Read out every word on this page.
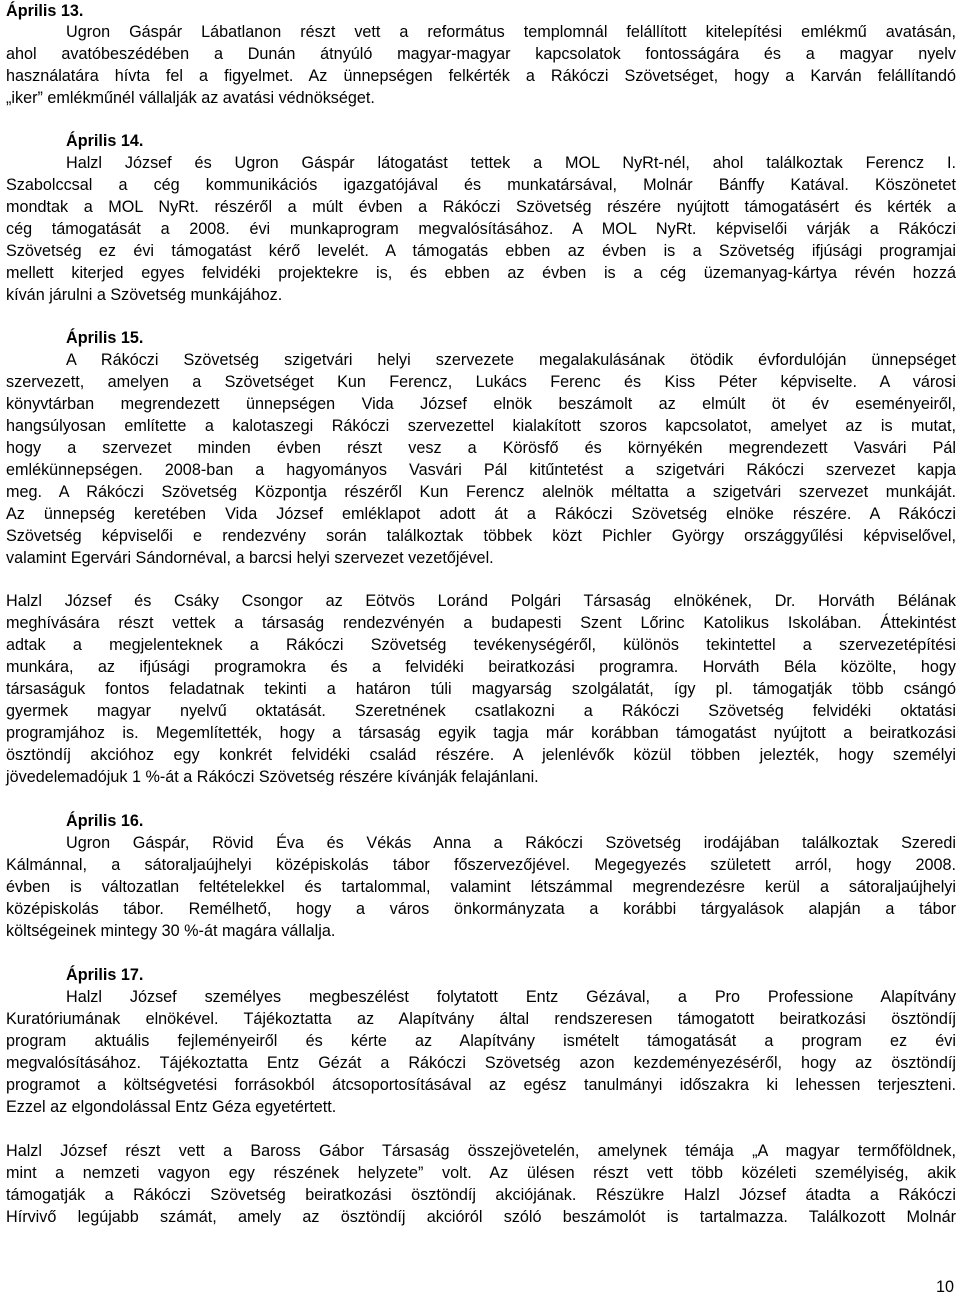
Április 13.
Ugron Gáspár Lábatlanon részt vett a református templomnál felállított kitelepítési emlékmű avatásán,
ahol avatóbeszédében a Dunán átnyúló magyar-magyar kapcsolatok fontosságára és a magyar nyelv
használatára hívta fel a figyelmet. Az ünnepségen felkérték a Rákóczi Szövetséget, hogy a Karván felállítandó
„iker” emlékműnél vállalják az avatási védnökséget.
Április 14.
Halzl József és Ugron Gáspár látogatást tettek a MOL NyRt-nél, ahol találkoztak Ferencz I.
Szabolccsal a cég kommunikációs igazgatójával és munkatársával, Molnár Bánffy Katával. Köszönetet
mondtak a MOL NyRt. részéről a múlt évben a Rákóczi Szövetség részére nyújtott támogatásért és kérték a
cég támogatását a 2008. évi munkaprogram megvalósításához. A MOL NyRt. képviselői várják a Rákóczi
Szövetség ez évi támogatást kérő levelét. A támogatás ebben az évben is a Szövetség ifjúsági programjai
mellett kiterjed egyes felvidéki projektekre is, és ebben az évben is a cég üzemanyag-kártya révén hozzá
kíván járulni a Szövetség munkájához.
Április 15.
A Rákóczi Szövetség szigetvári helyi szervezete megalakulásának ötödik évfordulóján ünnepséget
szervezett, amelyen a Szövetséget Kun Ferencz, Lukács Ferenc és Kiss Péter képviselte. A városi
könyvtárban megrendezett ünnepségen Vida József elnök beszámolt az elmúlt öt év eseményeiről,
hangsúlyosan említette a kalotaszegi Rákóczi szervezettel kialakított szoros kapcsolatot, amelyet az is mutat,
hogy a szervezet minden évben részt vesz a Körösfő és környékén megrendezett Vasvári Pál
emlékünnepségen. 2008-ban a hagyományos Vasvári Pál kitűntetést a szigetvári Rákóczi szervezet kapja
meg. A Rákóczi Szövetség Központja részéről Kun Ferencz alelnök méltatta a szigetvári szervezet munkáját.
Az ünnepség keretében Vida József emléklapot adott át a Rákóczi Szövetség elnöke részére. A Rákóczi
Szövetség képviselői e rendezvény során találkoztak többek közt Pichler György országgyűlési képviselővel,
valamint Egervári Sándornéval, a barcsi helyi szervezet vezetőjével.
Halzl József és Csáky Csongor az Eötvös Loránd Polgári Társaság elnökének, Dr. Horváth Bélának
meghívására részt vettek a társaság rendezvényén a budapesti Szent Lőrinc Katolikus Iskolában. Áttekintést
adtak a megjelenteknek a Rákóczi Szövetség tevékenységéről, különös tekintettel a szervezetépítési
munkára, az ifjúsági programokra és a felvidéki beiratkozási programra. Horváth Béla közölte, hogy
társaságuk fontos feladatnak tekinti a határon túli magyarság szolgálatát, így pl. támogatják több csángó
gyermek magyar nyelvű oktatását. Szeretnének csatlakozni a Rákóczi Szövetség felvidéki oktatási
programjához is. Megemlítették, hogy a társaság egyik tagja már korábban támogatást nyújtott a beiratkozási
ösztöndíj akcióhoz egy konkrét felvidéki család részére. A jelenlévők közül többen jelezték, hogy személyi
jövedelemadójuk 1 %-át a Rákóczi Szövetség részére kívánják felajánlani.
Április 16.
Ugron Gáspár, Rövid Éva és Vékás Anna a Rákóczi Szövetség irodájában találkoztak Szeredi
Kálmánnal, a sátoraljaújhelyi középiskolás tábor főszervezőjével. Megegyezés született arról, hogy 2008.
évben is változatlan feltételekkel és tartalommal, valamint létszámmal megrendezésre kerül a sátoraljaújhelyi
középiskolás tábor. Remélhető, hogy a város önkormányzata a korábbi tárgyalások alapján a tábor
költségeinek mintegy 30 %-át magára vállalja.
Április 17.
Halzl József személyes megbeszélést folytatott Entz Gézával, a Pro Professione Alapítvány
Kuratóriumának elnökével. Tájékoztatta az Alapítvány által rendszeresen támogatott beiratkozási ösztöndíj
program aktuális fejleményeiről és kérte az Alapítvány ismételt támogatását a program ez évi
megvalósításához. Tájékoztatta Entz Gézát a Rákóczi Szövetség azon kezdeményezéséről, hogy az ösztöndíj
programot a költségvetési forrásokból átcsoportosításával az egész tanulmányi időszakra ki lehessen terjeszteni.
Ezzel az elgondolással Entz Géza egyetértett.
Halzl József részt vett a Baross Gábor Társaság összejövetelén, amelynek témája „A magyar termőföldnek,
mint a nemzeti vagyon egy részének helyzete” volt. Az ülésen részt vett több közéleti személyiség, akik
támogatják a Rákóczi Szövetség beiratkozási ösztöndíj akciójának. Részükre Halzl József átadta a Rákóczi
Hírvivő legújabb számát, amely az ösztöndíj akcióról szóló beszámolót is tartalmazza. Találkozott Molnár
10
